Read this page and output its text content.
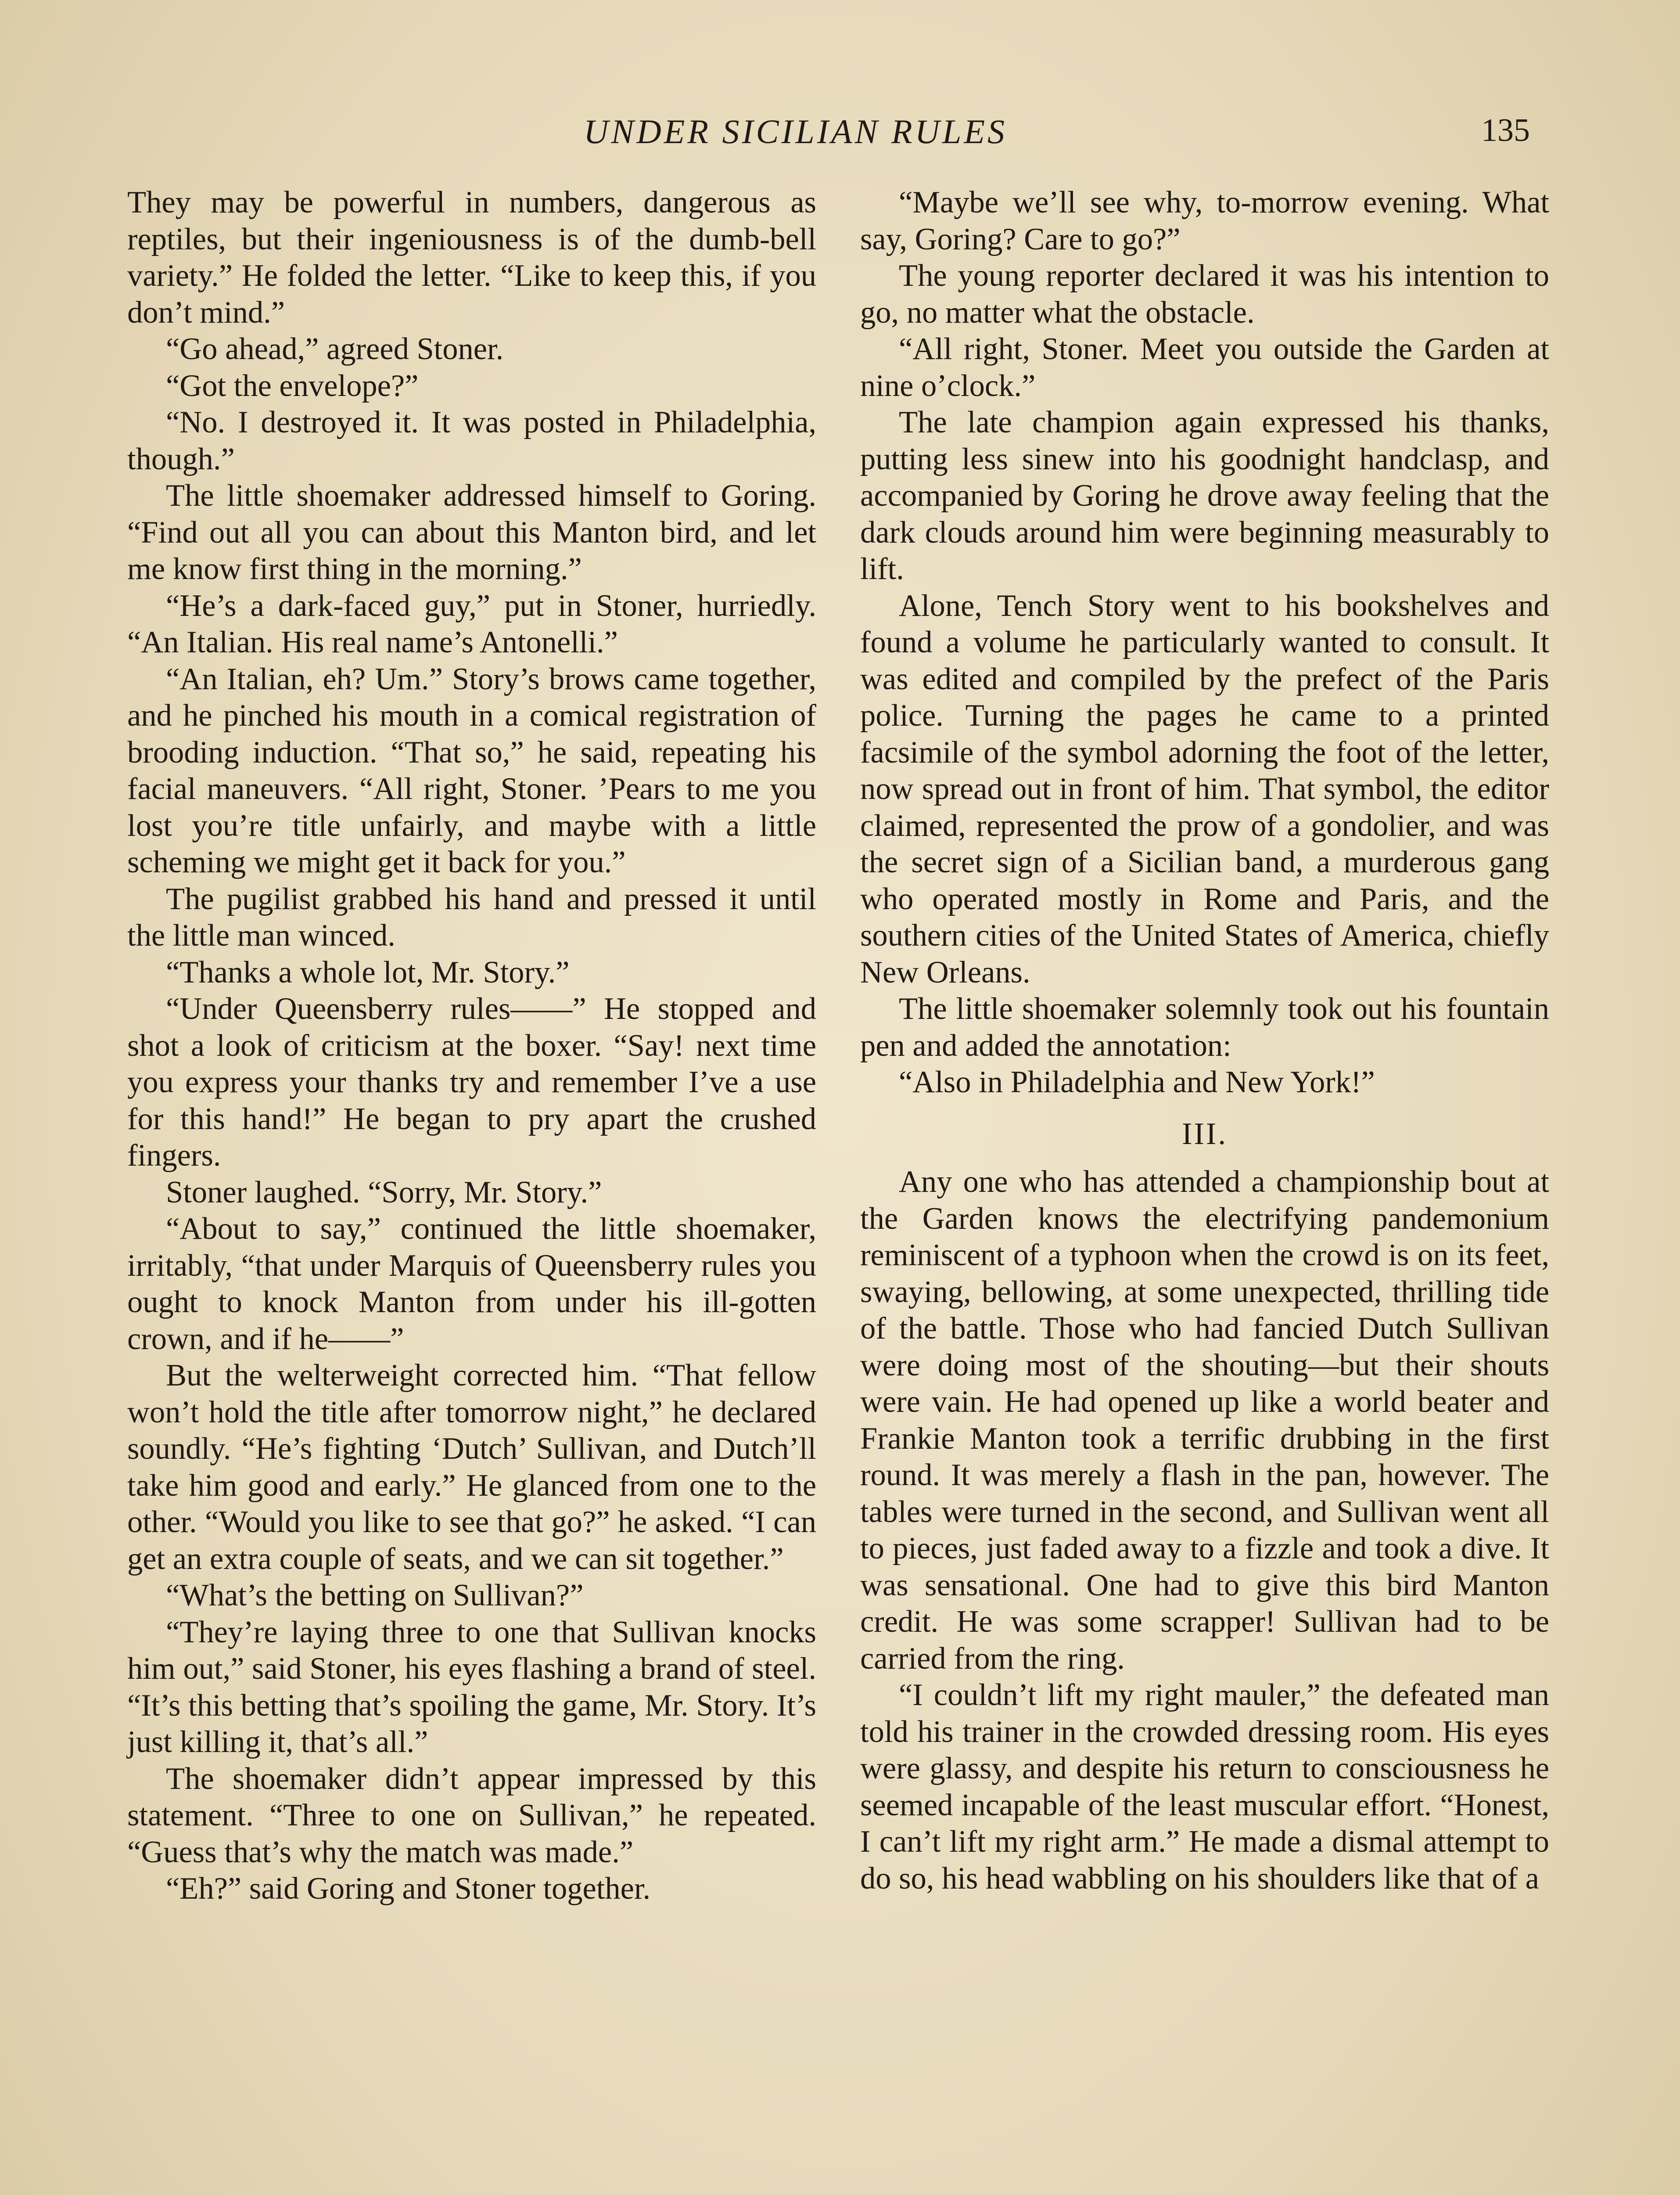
UNDER SICILIAN RULES	135

They may be powerful in numbers, dangerous as reptiles, but their ingeniousness is of the dumb-bell variety.” He folded the letter. “Like to keep this, if you don’t mind.”

“Go ahead,” agreed Stoner.

“Got the envelope?”

“No. I destroyed it. It was posted in Philadelphia, though.”

The little shoemaker addressed himself to Goring. “Find out all you can about this Manton bird, and let me know first thing in the morning.”

“He’s a dark-faced guy,” put in Stoner, hurriedly. “An Italian. His real name’s Antonelli.”

“An Italian, eh? Um.” Story’s brows came together, and he pinched his mouth in a comical registration of brooding induction. “That so,” he said, repeating his facial maneuvers. “All right, Stoner. ’Pears to me you lost you’re title unfairly, and maybe with a little scheming we might get it back for you.”

The pugilist grabbed his hand and pressed it until the little man winced.

“Thanks a whole lot, Mr. Story.”

“Under Queensberry rules——” He stopped and shot a look of criticism at the boxer. “Say! next time you express your thanks try and remember I’ve a use for this hand!” He began to pry apart the crushed fingers.

Stoner laughed. “Sorry, Mr. Story.”

“About to say,” continued the little shoemaker, irritably, “that under Marquis of Queensberry rules you ought to knock Manton from under his ill-gotten crown, and if he——”

But the welterweight corrected him. “That fellow won’t hold the title after tomorrow night,” he declared soundly. “He’s fighting ‘Dutch’ Sullivan, and Dutch’ll take him good and early.” He glanced from one to the other. “Would you like to see that go?” he asked. “I can get an extra couple of seats, and we can sit together.”

“What’s the betting on Sullivan?”

“They’re laying three to one that Sullivan knocks him out,” said Stoner, his eyes flashing a brand of steel. “It’s this betting that’s spoiling the game, Mr. Story. It’s just killing it, that’s all.”

The shoemaker didn’t appear impressed by this statement. “Three to one on Sullivan,” he repeated. “Guess that’s why the match was made.”

“Eh?” said Goring and Stoner together.

“Maybe we’ll see why, to-morrow evening. What say, Goring? Care to go?”

The young reporter declared it was his intention to go, no matter what the obstacle.

“All right, Stoner. Meet you outside the Garden at nine o’clock.”

The late champion again expressed his thanks, putting less sinew into his goodnight handclasp, and accompanied by Goring he drove away feeling that the dark clouds around him were beginning measurably to lift.

Alone, Tench Story went to his bookshelves and found a volume he particularly wanted to consult. It was edited and compiled by the prefect of the Paris police. Turning the pages he came to a printed facsimile of the symbol adorning the foot of the letter, now spread out in front of him. That symbol, the editor claimed, represented the prow of a gondolier, and was the secret sign of a Sicilian band, a murderous gang who operated mostly in Rome and Paris, and the southern cities of the United States of America, chiefly New Orleans.

The little shoemaker solemnly took out his fountain pen and added the annotation:

“Also in Philadelphia and New York!”

III.

Any one who has attended a championship bout at the Garden knows the electrifying pandemonium reminiscent of a typhoon when the crowd is on its feet, swaying, bellowing, at some unexpected, thrilling tide of the battle. Those who had fancied Dutch Sullivan were doing most of the shouting—but their shouts were vain. He had opened up like a world beater and Frankie Manton took a terrific drubbing in the first round. It was merely a flash in the pan, however. The tables were turned in the second, and Sullivan went all to pieces, just faded away to a fizzle and took a dive. It was sensational. One had to give this bird Manton credit. He was some scrapper! Sullivan had to be carried from the ring.

“I couldn’t lift my right mauler,” the defeated man told his trainer in the crowded dressing room. His eyes were glassy, and despite his return to consciousness he seemed incapable of the least muscular effort. “Honest, I can’t lift my right arm.” He made a dismal attempt to do so, his head wabbling on his shoulders like that of a
